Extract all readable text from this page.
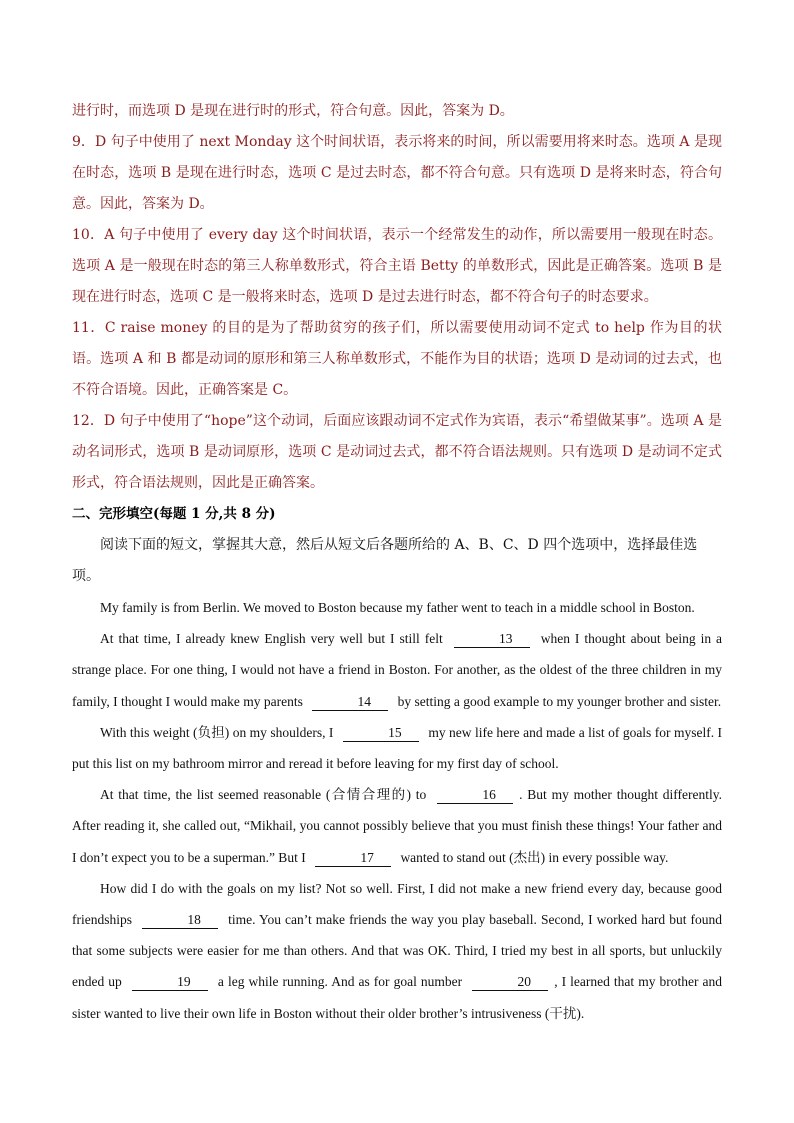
进行时，而选项 D 是现在进行时的形式，符合句意。因此，答案为 D。

9．D 句子中使用了 next Monday 这个时间状语，表示将来的时间，所以需要用将来时态。选项 A 是现在时态，选项 B 是现在进行时态，选项 C 是过去时态，都不符合句意。只有选项 D 是将来时态，符合句意。因此，答案为 D。

10．A 句子中使用了 every day 这个时间状语，表示一个经常发生的动作，所以需要用一般现在时态。选项 A 是一般现在时态的第三人称单数形式，符合主语 Betty 的单数形式，因此是正确答案。选项 B 是现在进行时态，选项 C 是一般将来时态，选项 D 是过去进行时态，都不符合句子的时态要求。

11．C raise money 的目的是为了帮助贫穷的孩子们，所以需要使用动词不定式 to help 作为目的状语。选项 A 和 B 都是动词的原形和第三人称单数形式，不能作为目的状语；选项 D 是动词的过去式，也不符合语境。因此，正确答案是 C。

12．D 句子中使用了“hope”这个动词，后面应该跟动词不定式作为宾语，表示“希望做某事”。选项 A 是动名词形式，选项 B 是动词原形，选项 C 是动词过去式，都不符合语法规则。只有选项 D 是动词不定式形式，符合语法规则，因此是正确答案。

二、完形填空(每题 1 分,共 8 分)

阅读下面的短文，掌握其大意，然后从短文后各题所给的 A、B、C、D 四个选项中，选择最佳选项。

My family is from Berlin. We moved to Boston because my father went to teach in a middle school in Boston.

At that time, I already knew English very well but I still felt	13 when I thought about being in a strange place. For one thing, I would not have a friend in Boston. For another, as the oldest of the three children in my family, I thought I would make my parents	14 by setting a good example to my younger brother and sister.

With this weight (负担) on my shoulders, I	15 my new life here and made a list of goals for myself. I put this list on my bathroom mirror and reread it before leaving for my first day of school.

At that time, the list seemed reasonable (合情合理的) to	16 . But my mother thought differently. After reading it, she called out, “Mikhail, you cannot possibly believe that you must finish these things! Your father and I don’t expect you to be a superman.” But I	17 wanted to stand out (杰出) in every possible way.

How did I do with the goals on my list? Not so well. First, I did not make a new friend every day, because good friendships	18 time. You can’t make friends the way you play baseball. Second, I worked hard but found that some subjects were easier for me than others. And that was OK. Third, I tried my best in all sports, but unluckily ended up	19 a leg while running. And as for goal number	20 , I learned that my brother and sister wanted to live their own life in Boston without their older brother’s intrusiveness (干扰).
